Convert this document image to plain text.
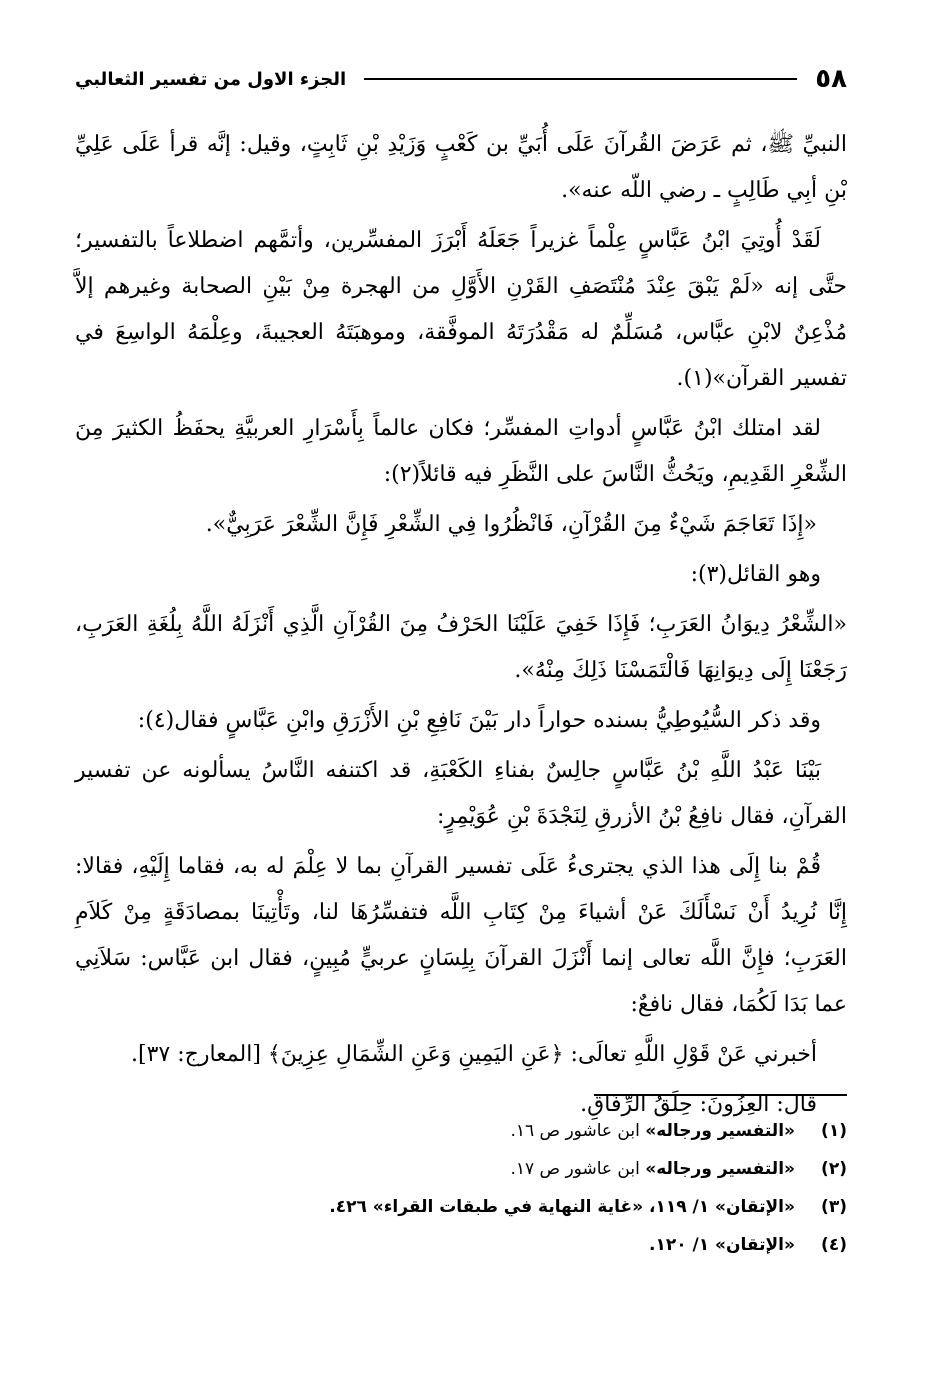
٥٨
الجزء الاول من تفسير الثعالبي

النبيِّ ﷺ، ثم عَرَضَ القُرآنَ عَلَى أُبَيِّ بن كَعْبٍ وَزَيْدِ بْنِ ثَابِتٍ، وقيل: إنَّه قرأ عَلَى عَلِيِّ بْنِ أبِي طَالِبٍ ـ رضي اللّه عنه».

لَقَدْ أُوتِيَ ابْنُ عَبَّاسٍ عِلْماً غزيراً جَعَلَهُ أَبْرَزَ المفسِّرين، وأتمَّهم اضطلاعاً بالتفسير؛ حتَّى إنه «لَمْ يَبْقَ عِنْدَ مُنْتَصَفِ القَرْنِ الأَوَّلِ من الهجرة مِنْ بَيْنِ الصحابة وغيرهم إلاَّ مُذْعِنٌ لابْنِ عبَّاس، مُسَلِّمٌ له مَقْدُرَتَهُ الموفَّقة، وموهبَتَهُ العجيبةَ، وعِلْمَهُ الواسِعَ في تفسير القرآن»(١).

لقد امتلك ابْنُ عَبَّاسٍ أدواتِ المفسِّر؛ فكان عالماً بِأَسْرَارِ العربيَّةِ يحفَظُ الكثيرَ مِنَ الشِّعْرِ القَدِيمِ، ويَحُثُّ النَّاسَ على النَّظَرِ فيه قائلاً(٢):

«إِذَا تَعَاجَمَ شَيْءٌ مِنَ القُرْآنِ، فَانْظُرُوا فِي الشِّعْرِ فَإِنَّ الشِّعْرَ عَرَبِيٌّ».

وهو القائل(٣):

«الشِّعْرُ دِيوَانُ العَرَبِ؛ فَإِذَا خَفِيَ عَلَيْنَا الحَرْفُ مِنَ القُرْآنِ الَّذِي أَنْزَلَهُ اللَّهُ بِلُغَةِ العَرَبِ، رَجَعْنَا إِلَى دِيوَانِهَا فَالْتَمَسْنَا ذَلِكَ مِنْهُ».

وقد ذكر السُّيُوطِيُّ بسنده حواراً دار بَيْنَ نَافِعِ بْنِ الأَزْرَقِ وابْنِ عَبَّاسٍ فقال(٤):

بَيْنَا عَبْدُ اللَّهِ بْنُ عَبَّاسٍ جالِسٌ بفناءِ الكَعْبَةِ، قد اكتنفه النَّاسُ يسألونه عن تفسير القرآنِ، فقال نافِعُ بْنُ الأزرقِ لِنَجْدَةَ بْنِ عُوَيْمِرٍ:

قُمْ بنا إِلَى هذا الذي يجترىءُ عَلَى تفسير القرآنِ بما لا عِلْمَ له به، فقاما إِلَيْهِ، فقالا: إِنَّا نُرِيدُ أَنْ نَسْأَلَكَ عَنْ أشياءَ مِنْ كِتَابِ اللَّه فتفسِّرُهَا لنا، وتَأْتِينَا بمصادَقَةٍ مِنْ كَلاَمِ العَرَبِ؛ فإِنَّ اللَّه تعالى إنما أَنْزَلَ القرآنَ بِلِسَانٍ عربيٍّ مُبِينٍ، فقال ابن عَبَّاس: سَلاَنِي عما بَدَا لَكُمَا، فقال نافعٌ:

أخبرني عَنْ قَوْلِ اللَّهِ تعالَى: ﴿عَنِ اليَمِينِ وَعَنِ الشِّمَالِ عِزِينَ﴾ [المعارج: ٣٧].

قال: العِزُونَ: حِلَقُ الرِّفَاقِ.

(١)
«التفسير ورجاله» ابن عاشور ص ١٦.
(٢)
«التفسير ورجاله» ابن عاشور ص ١٧.
(٣)
«الإتقان» ١/ ١١٩، «غاية النهاية في طبقات القراء» ٤٢٦.
(٤)
«الإتقان» ١/ ١٢٠.
